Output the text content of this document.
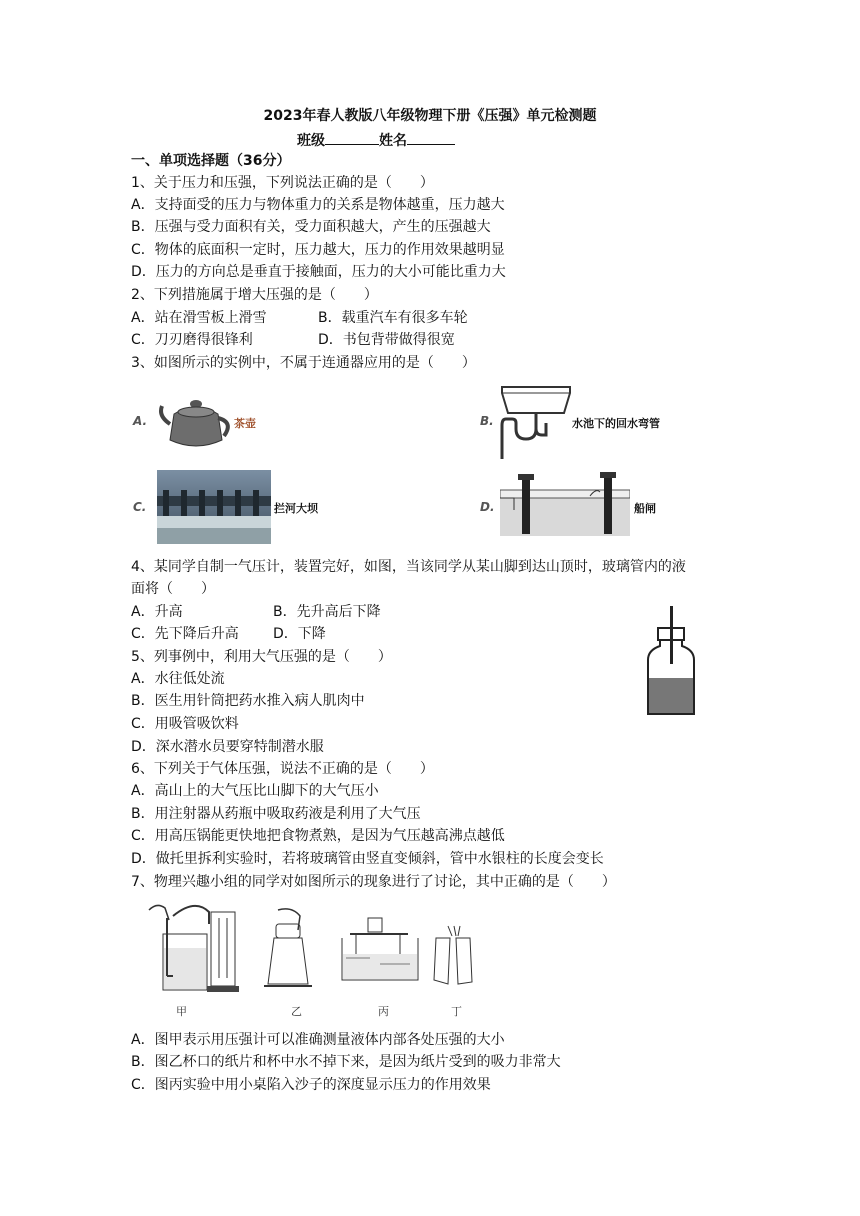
2023年春人教版八年级物理下册《压强》单元检测题
班级	姓名
一、单项选择题（36分）
1、关于压力和压强，下列说法正确的是（　　）
A．支持面受的压力与物体重力的关系是物体越重，压力越大
B．压强与受力面积有关，受力面积越大，产生的压强越大
C．物体的底面积一定时，压力越大，压力的作用效果越明显
D．压力的方向总是垂直于接触面，压力的大小可能比重力大
2、下列措施属于增大压强的是（　　）
A．站在滑雪板上滑雪	B．载重汽车有很多车轮
C．刀刃磨得很锋利	D．书包背带做得很宽
3、如图所示的实例中，不属于连通器应用的是（　　）
A.	茶壶	B.	水池下的回水弯管
C.	拦河大坝	D.	船闸
4、某同学自制一气压计，装置完好，如图，当该同学从某山脚到达山顶时，玻璃管内的液
面将（　　）
A．升高	B．先升高后下降
C．先下降后升高 D．下降
5、列事例中，利用大气压强的是（　　）
A．水往低处流
B．医生用针筒把药水推入病人肌肉中
C．用吸管吸饮料
D．深水潜水员要穿特制潜水服
6、下列关于气体压强，说法不正确的是（　　）
A．高山上的大气压比山脚下的大气压小
B．用注射器从药瓶中吸取药液是利用了大气压
C．用高压锅能更快地把食物煮熟，是因为气压越高沸点越低
D．做托里拆利实验时，若将玻璃管由竖直变倾斜，管中水银柱的长度会变长
7、物理兴趣小组的同学对如图所示的现象进行了讨论，其中正确的是（　　）
甲	乙	丙	丁
A．图甲表示用压强计可以准确测量液体内部各处压强的大小
B．图乙杯口的纸片和杯中水不掉下来，是因为纸片受到的吸力非常大
C．图丙实验中用小桌陷入沙子的深度显示压力的作用效果
